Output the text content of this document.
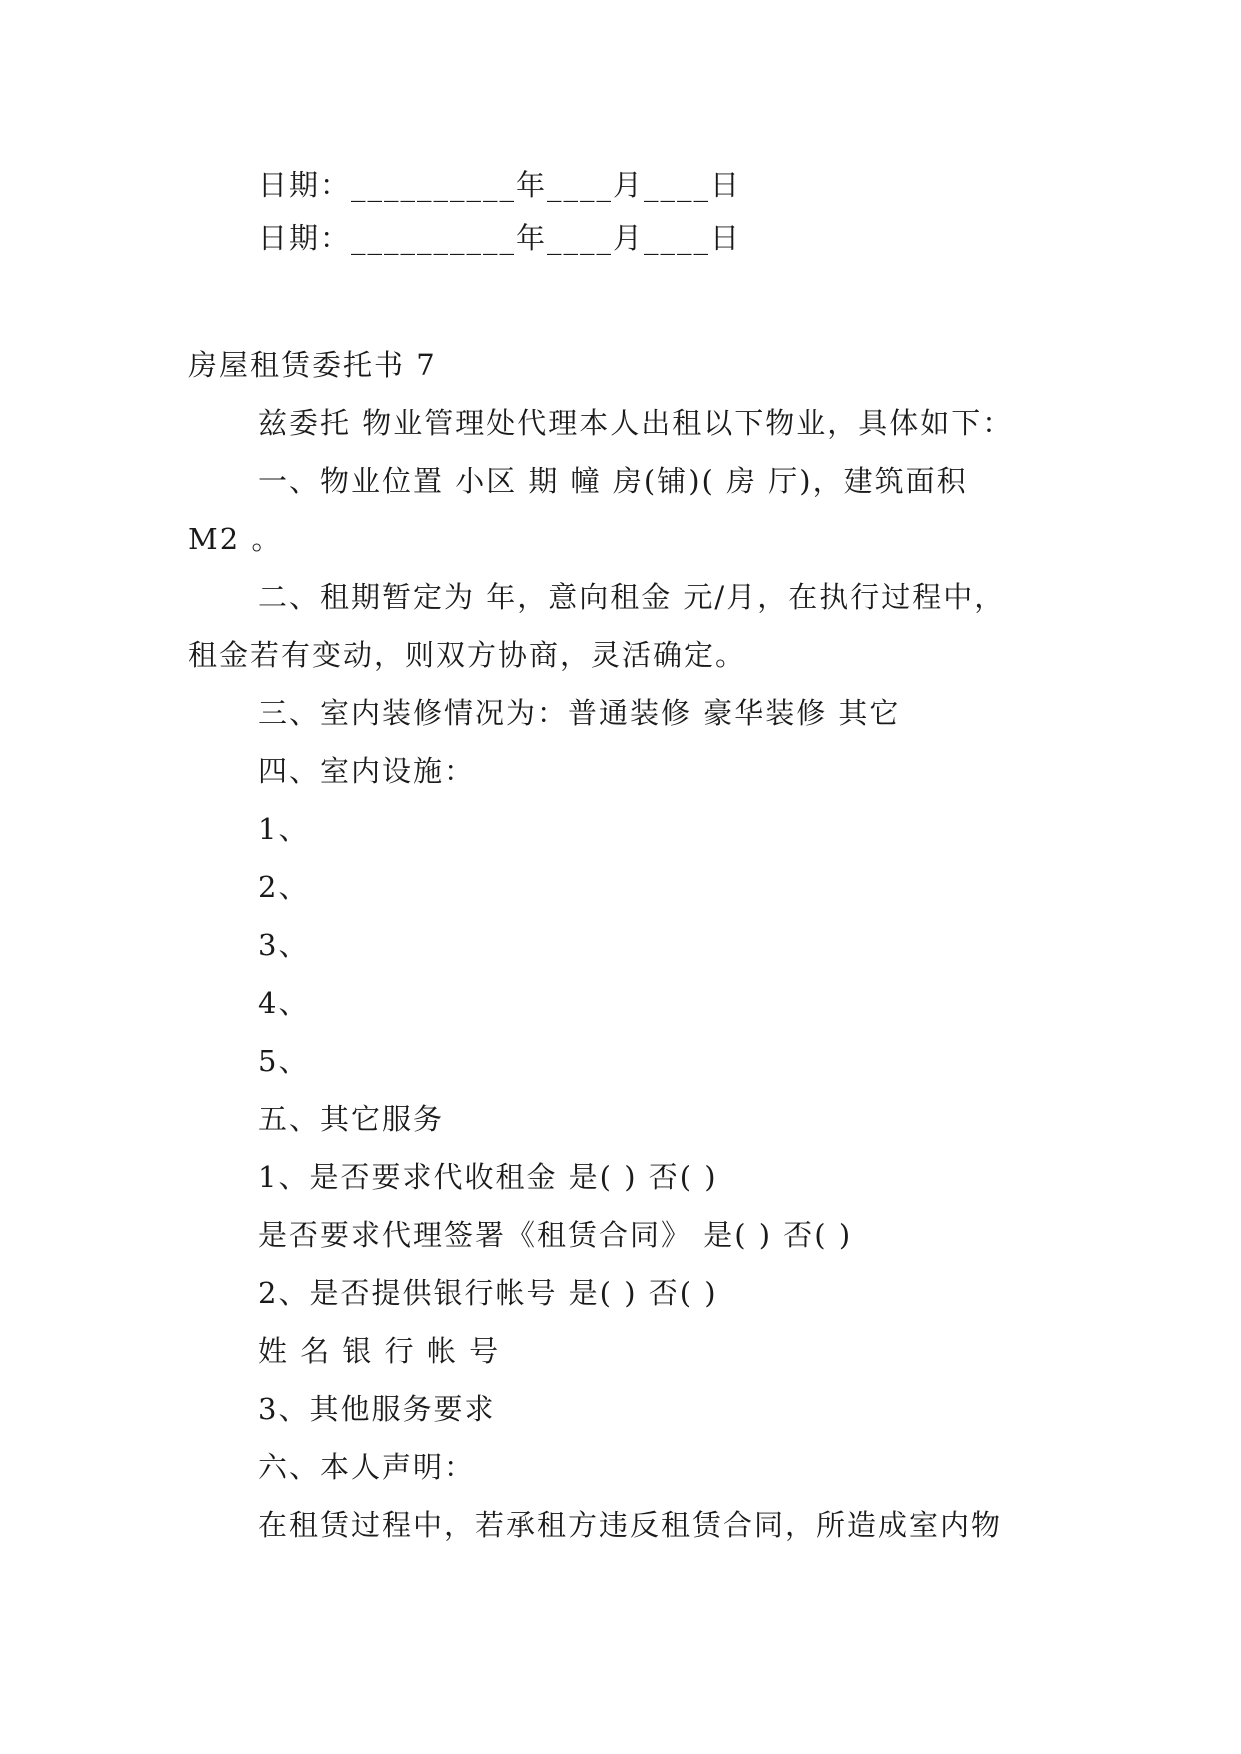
日期：__________年____月____日
日期：__________年____月____日
房屋租赁委托书 7
兹委托 物业管理处代理本人出租以下物业，具体如下：
一、物业位置 小区 期 幢 房(铺)( 房 厅)，建筑面积
M2 。
二、租期暂定为 年，意向租金 元/月，在执行过程中，
租金若有变动，则双方协商，灵活确定。
三、室内装修情况为：普通装修 豪华装修 其它
四、室内设施：
1、
2、
3、
4、
5、
五、其它服务
1、是否要求代收租金 是( ) 否( )
是否要求代理签署《租赁合同》 是( ) 否( )
2、是否提供银行帐号 是( ) 否( )
姓 名 银 行 帐 号
3、其他服务要求
六、本人声明：
在租赁过程中，若承租方违反租赁合同，所造成室内物
